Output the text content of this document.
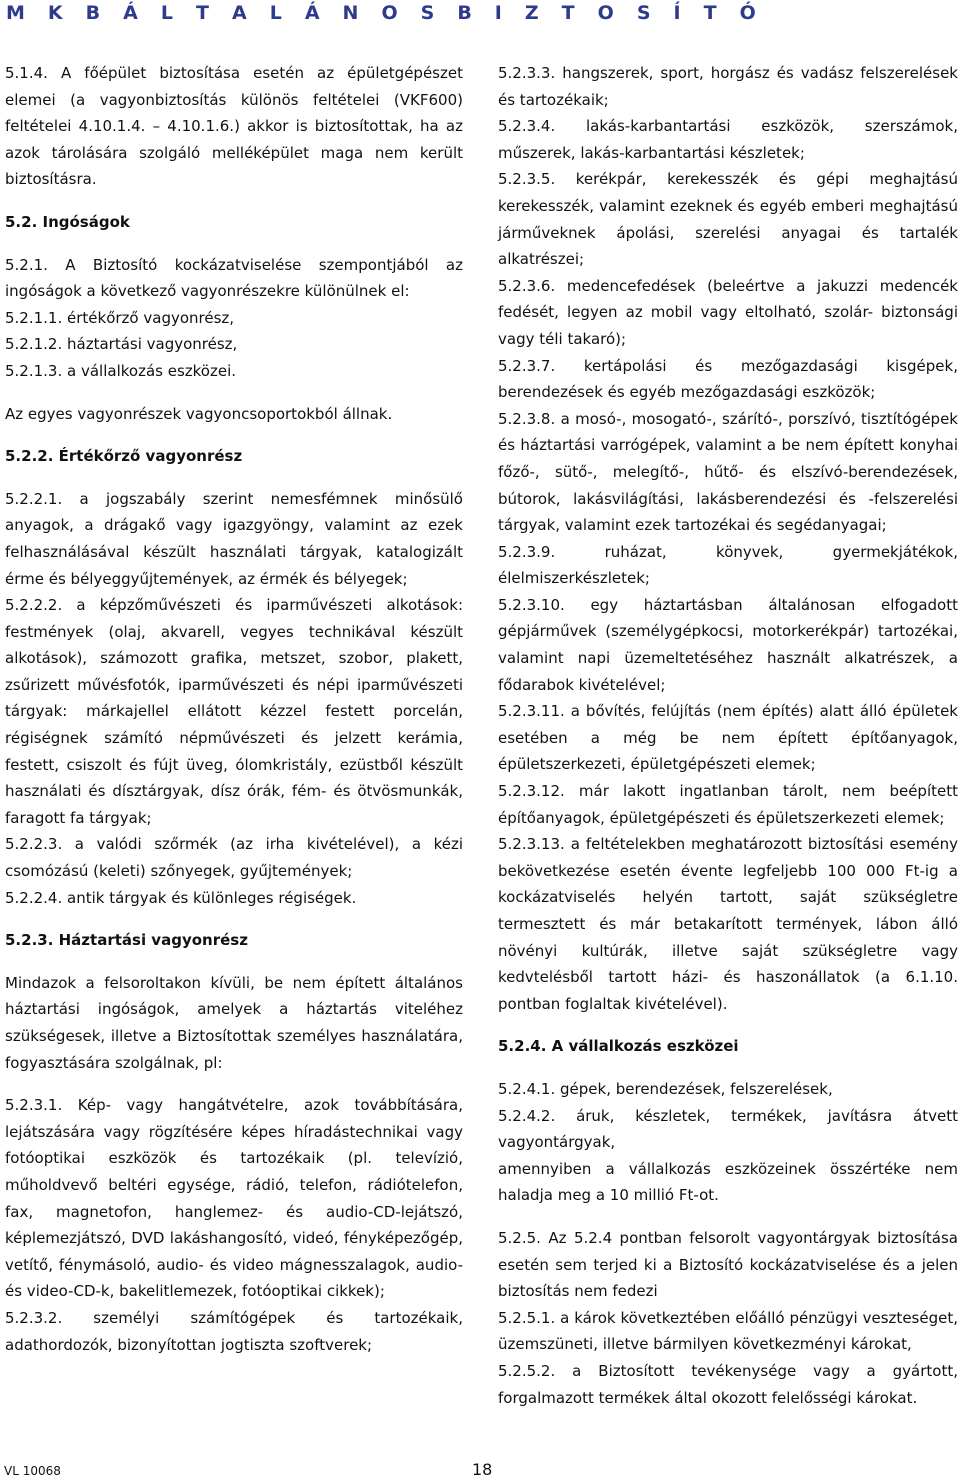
M K B Á L T A L Á N O S B I Z T O S Í T Ó

5.1.4. A főépület biztosítása esetén az épületgépészet elemei (a vagyonbiztosítás különös feltételei (VKF600) feltételei 4.10.1.4. – 4.10.1.6.) akkor is biztosítottak, ha az azok tárolására szolgáló melléképület maga nem került biztosításra.

5.2. Ingóságok

5.2.1. A Biztosító kockázatviselése szempontjából az ingóságok a következő vagyonrészekre különülnek el:

5.2.1.1. értékőrző vagyonrész,

5.2.1.2. háztartási vagyonrész,

5.2.1.3. a vállalkozás eszközei.

Az egyes vagyonrészek vagyoncsoportokból állnak.

5.2.2. Értékőrző vagyonrész

5.2.2.1. a jogszabály szerint nemesfémnek minősülő anyagok, a drágakő vagy igazgyöngy, valamint az ezek felhasználásával készült használati tárgyak, katalogizált érme és bélyeggyűjtemények, az érmék és bélyegek;

5.2.2.2. a képzőművészeti és iparművészeti alkotások: festmények (olaj, akvarell, vegyes technikával készült alkotások), számozott grafika, metszet, szobor, plakett, zsűrizett művésfotók, iparművészeti és népi iparművészeti tárgyak: márkajellel ellátott kézzel festett porcelán, régiségnek számító népművészeti és jelzett kerámia, festett, csiszolt és fújt üveg, ólomkristály, ezüstből készült használati és dísztárgyak, dísz órák, fém- és ötvösmunkák, faragott fa tárgyak;

5.2.2.3. a valódi szőrmék (az irha kivételével), a kézi csomózású (keleti) szőnyegek, gyűjtemények;

5.2.2.4. antik tárgyak és különleges régiségek.

5.2.3. Háztartási vagyonrész

Mindazok a felsoroltakon kívüli, be nem épített általános háztartási ingóságok, amelyek a háztartás viteléhez szükségesek, illetve a Biztosítottak személyes használatára, fogyasztására szolgálnak, pl:

5.2.3.1. Kép- vagy hangátvételre, azok továbbítására, lejátszására vagy rögzítésére képes híradástechnikai vagy fotóoptikai eszközök és tartozékaik (pl. televízió, műholdvevő beltéri egysége, rádió, telefon, rádiótelefon, fax, magnetofon, hanglemez- és audio-CD-lejátszó, képlemezjátszó, DVD lakáshangosító, videó, fényképezőgép, vetítő, fénymásoló, audio- és video mágnesszalagok, audio- és video-CD-k, bakelitlemezek, fotóoptikai cikkek);

5.2.3.2. személyi számítógépek és tartozékaik, adathordozók, bizonyítottan jogtiszta szoftverek;

5.2.3.3. hangszerek, sport, horgász és vadász felszerelések és tartozékaik;

5.2.3.4. lakás-karbantartási eszközök, szerszámok, műszerek, lakás-karbantartási készletek;

5.2.3.5. kerékpár, kerekesszék és gépi meghajtású kerekesszék, valamint ezeknek és egyéb emberi meghajtású járműveknek ápolási, szerelési anyagai és tartalék alkatrészei;

5.2.3.6. medencefedések (beleértve a jakuzzi medencék fedését, legyen az mobil vagy eltolható, szolár- biztonsági vagy téli takaró);

5.2.3.7. kertápolási és mezőgazdasági kisgépek, berendezések és egyéb mezőgazdasági eszközök;

5.2.3.8. a mosó-, mosogató-, szárító-, porszívó, tisztítógépek és háztartási varrógépek, valamint a be nem épített konyhai főző-, sütő-, melegítő-, hűtő- és elszívó-berendezések, bútorok, lakásvilágítási, lakásberendezési és -felszerelési tárgyak, valamint ezek tartozékai és segédanyagai;

5.2.3.9. ruházat, könyvek, gyermekjátékok, élelmiszerkészletek;

5.2.3.10. egy háztartásban általánosan elfogadott gépjárművek (személygépkocsi, motorkerékpár) tartozékai, valamint napi üzemeltetéséhez használt alkatrészek, a fődarabok kivételével;

5.2.3.11. a bővítés, felújítás (nem építés) alatt álló épületek esetében a még be nem épített építőanyagok, épületszerkezeti, épületgépészeti elemek;

5.2.3.12. már lakott ingatlanban tárolt, nem beépített építőanyagok, épületgépészeti és épületszerkezeti elemek;

5.2.3.13. a feltételekben meghatározott biztosítási esemény bekövetkezése esetén évente legfeljebb 100 000 Ft-ig a kockázatviselés helyén tartott, saját szükségletre termesztett és már betakarított termények, lábon álló növényi kultúrák, illetve saját szükségletre vagy kedvtelésből tartott házi- és haszonállatok (a 6.1.10. pontban foglaltak kivételével).

5.2.4. A vállalkozás eszközei

5.2.4.1. gépek, berendezések, felszerelések,

5.2.4.2. áruk, készletek, termékek, javításra átvett vagyontárgyak,

amennyiben a vállalkozás eszközeinek összértéke nem haladja meg a 10 millió Ft-ot.

5.2.5. Az 5.2.4 pontban felsorolt vagyontárgyak biztosítása esetén sem terjed ki a Biztosító kockázatviselése és a jelen biztosítás nem fedezi

5.2.5.1. a károk következtében előálló pénzügyi veszteséget, üzemszüneti, illetve bármilyen következményi károkat,

5.2.5.2. a Biztosított tevékenysége vagy a gyártott, forgalmazott termékek által okozott felelősségi károkat.

VL 10068	18
